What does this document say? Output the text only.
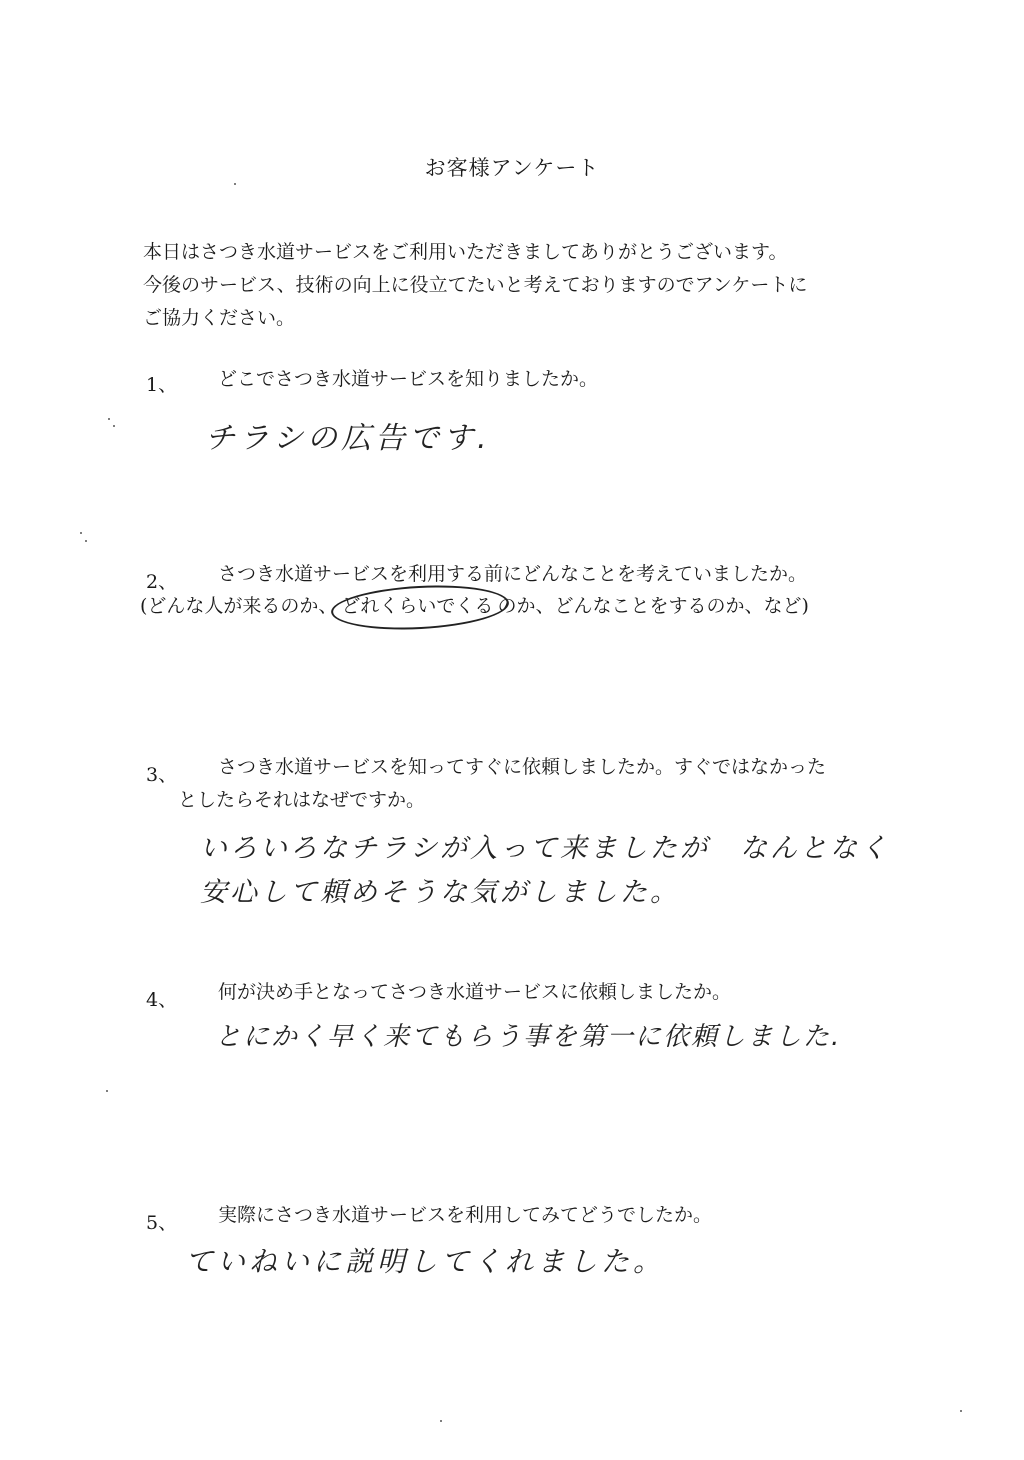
お客様アンケート
本日はさつき水道サービスをご利用いただきましてありがとうございます。
今後のサービス、技術の向上に役立てたいと考えておりますのでアンケートに
ご協力ください。
1、 どこでさつき水道サービスを知りましたか。
チラシの広告です.
2、 さつき水道サービスを利用する前にどんなことを考えていましたか。
(どんな人が来るのか、 どれくらいでくる のか、どんなことをするのか、など)
3、 さつき水道サービスを知ってすぐに依頼しましたか。すぐではなかった
としたらそれはなぜですか。
いろいろなチラシが入って来ましたが　なんとなく
安心して頼めそうな気がしました。
4、 何が決め手となってさつき水道サービスに依頼しましたか。
とにかく早く来てもらう事を第一に依頼しました.
5、 実際にさつき水道サービスを利用してみてどうでしたか。
ていねいに説明してくれました。
